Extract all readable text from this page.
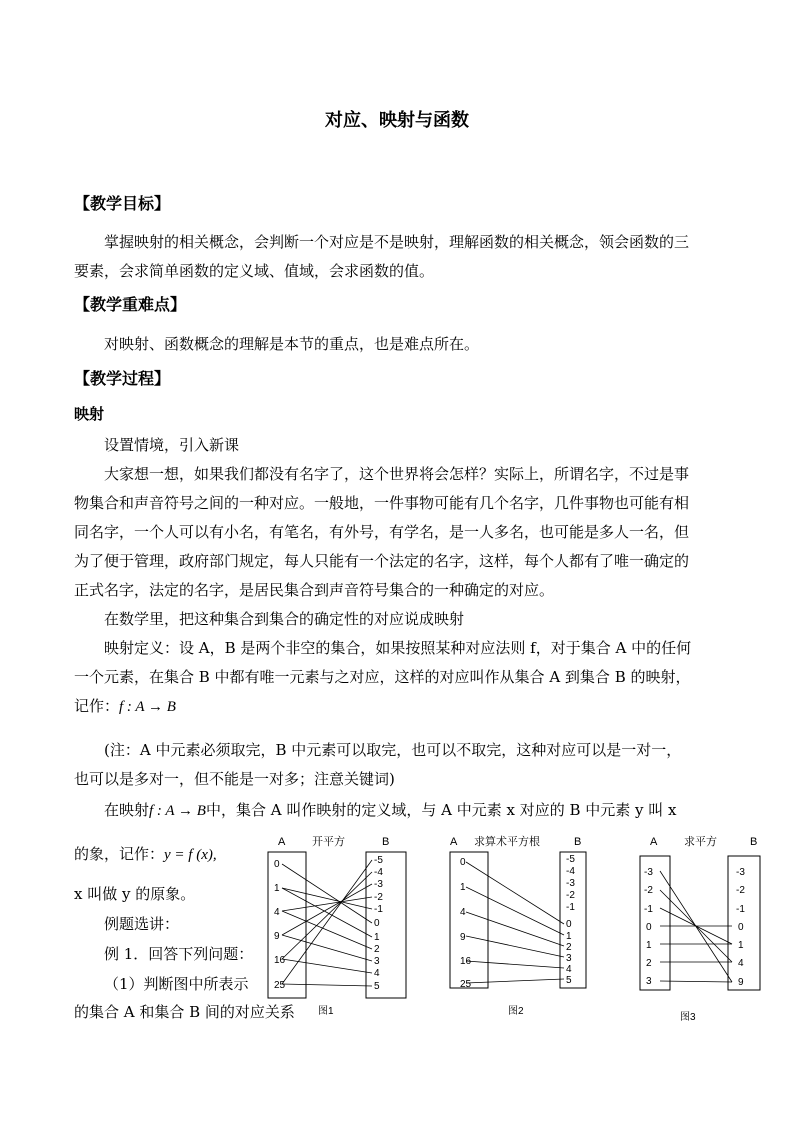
对应、映射与函数
【教学目标】
掌握映射的相关概念，会判断一个对应是不是映射，理解函数的相关概念，领会函数的三
要素，会求简单函数的定义域、值域，会求函数的值。
【教学重难点】
对映射、函数概念的理解是本节的重点，也是难点所在。
【教学过程】
映射
设置情境，引入新课
大家想一想，如果我们都没有名字了，这个世界将会怎样？实际上，所谓名字，不过是事
物集合和声音符号之间的一种对应。一般地，一件事物可能有几个名字，几件事物也可能有相
同名字，一个人可以有小名，有笔名，有外号，有学名，是一人多名，也可能是多人一名，但
为了便于管理，政府部门规定，每人只能有一个法定的名字，这样，每个人都有了唯一确定的
正式名字，法定的名字，是居民集合到声音符号集合的一种确定的对应。
在数学里，把这种集合到集合的确定性的对应说成映射
映射定义：设 A，B 是两个非空的集合，如果按照某种对应法则 f，对于集合 A 中的任何
一个元素，在集合 B 中都有唯一元素与之对应，这样的对应叫作从集合 A 到集合 B 的映射，
记作：f : A → B
(注：A 中元素必须取完，B 中元素可以取完，也可以不取完，这种对应可以是一对一，
也可以是多对一，但不能是一对多；注意关键词)
在映射f : A → B中，集合 A 叫作映射的定义域，与 A 中元素 x 对应的 B 中元素 y 叫 x
的象，记作：y = f (x),
x 叫做 y 的原象。
例题选讲：
例 1．回答下列问题：
（1）判断图中所表示
的集合 A 和集合 B 间的对应关系
A 开平方	B
0
1
4
9
16
25
-5
-4
-3
-2
-1
0
1
2
3
4
5
图1
A 求算术平方根	B
0
1
4
9
16
25
-5
-4
-3
-2
-1
0
1
2
3
4
5
图2
A 求平方	B
-3
-2
-1
0
1
2
3
-3
-2
-1
0
1
4
9
图3
